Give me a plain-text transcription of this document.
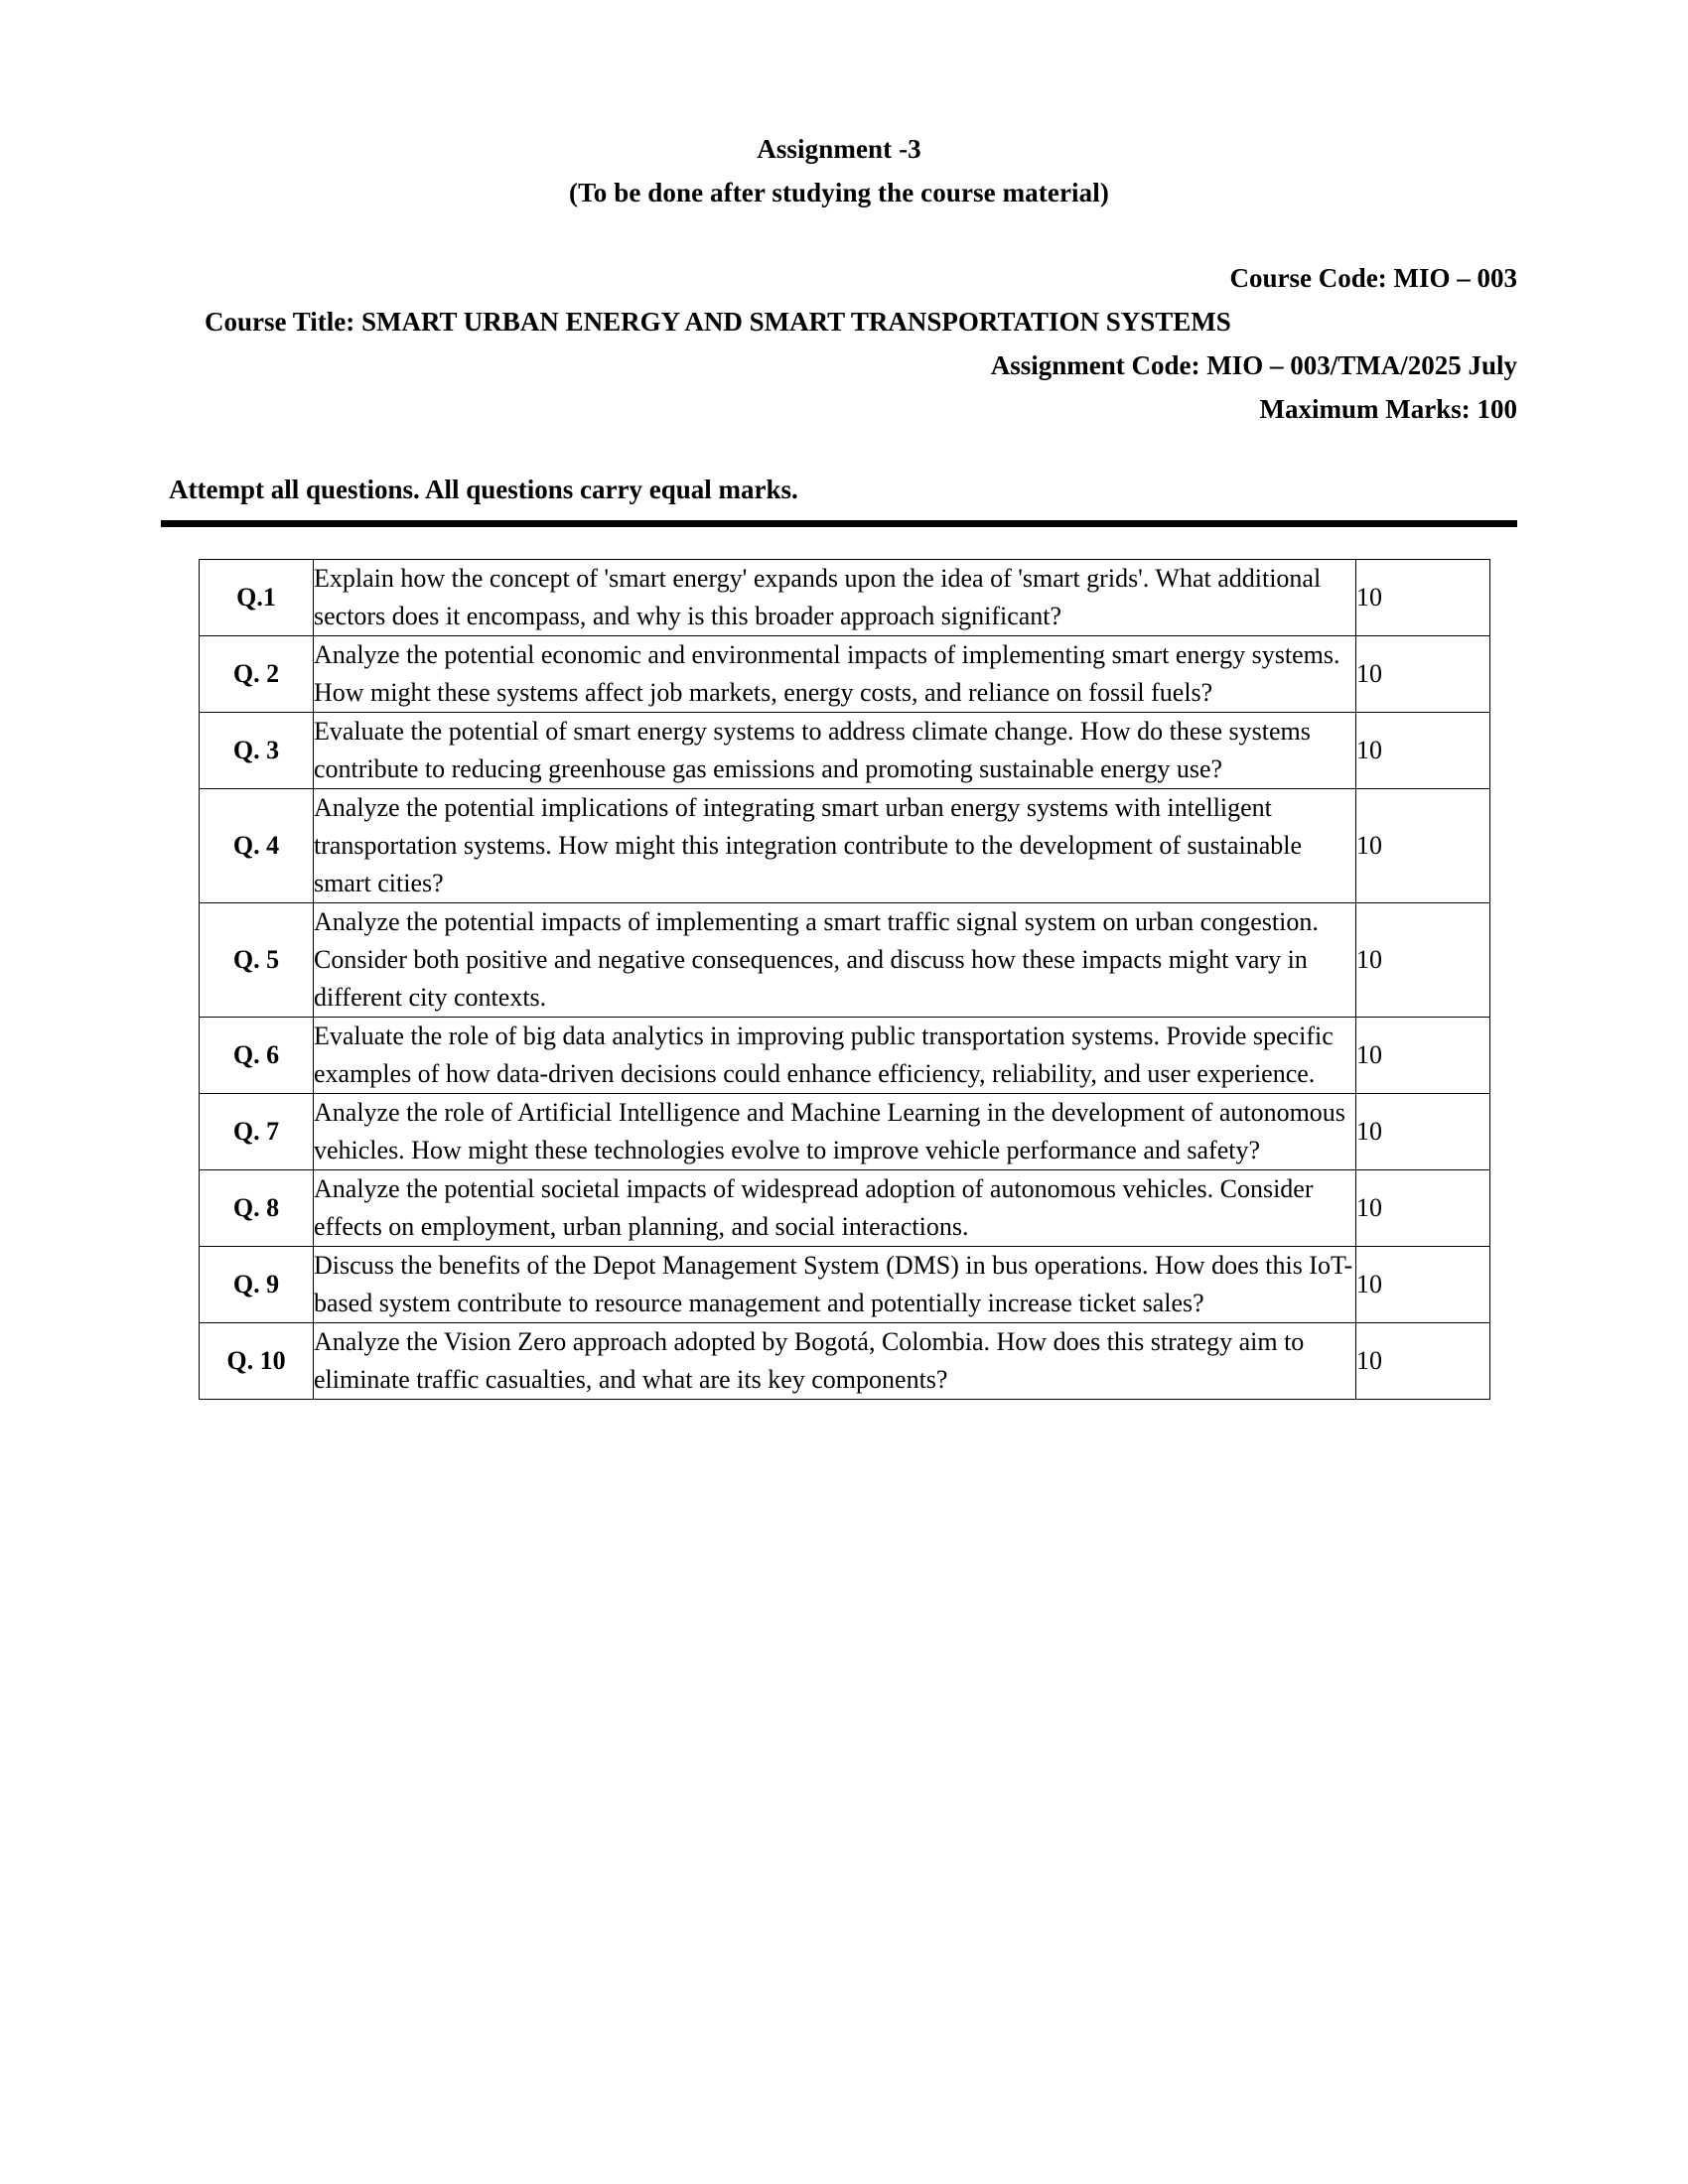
Assignment -3
(To be done after studying the course material)
Course Code: MIO – 003
Course Title: SMART URBAN ENERGY AND SMART TRANSPORTATION SYSTEMS
Assignment Code: MIO – 003/TMA/2025 July
Maximum Marks: 100
Attempt all questions. All questions carry equal marks.
Q.1	Explain how the concept of 'smart energy' expands upon the idea of 'smart grids'. What additional sectors does it encompass, and why is this broader approach significant?	10
Q. 2	Analyze the potential economic and environmental impacts of implementing smart energy systems. How might these systems affect job markets, energy costs, and reliance on fossil fuels?	10
Q. 3	Evaluate the potential of smart energy systems to address climate change. How do these systems contribute to reducing greenhouse gas emissions and promoting sustainable energy use?	10
Q. 4	Analyze the potential implications of integrating smart urban energy systems with intelligent transportation systems. How might this integration contribute to the development of sustainable smart cities?	10
Q. 5	Analyze the potential impacts of implementing a smart traffic signal system on urban congestion. Consider both positive and negative consequences, and discuss how these impacts might vary in different city contexts.	10
Q. 6	Evaluate the role of big data analytics in improving public transportation systems. Provide specific examples of how data-driven decisions could enhance efficiency, reliability, and user experience.	10
Q. 7	Analyze the role of Artificial Intelligence and Machine Learning in the development of autonomous vehicles. How might these technologies evolve to improve vehicle performance and safety?	10
Q. 8	Analyze the potential societal impacts of widespread adoption of autonomous vehicles. Consider effects on employment, urban planning, and social interactions.	10
Q. 9	Discuss the benefits of the Depot Management System (DMS) in bus operations. How does this IoT-based system contribute to resource management and potentially increase ticket sales?	10
Q. 10	Analyze the Vision Zero approach adopted by Bogotá, Colombia. How does this strategy aim to eliminate traffic casualties, and what are its key components?	10
